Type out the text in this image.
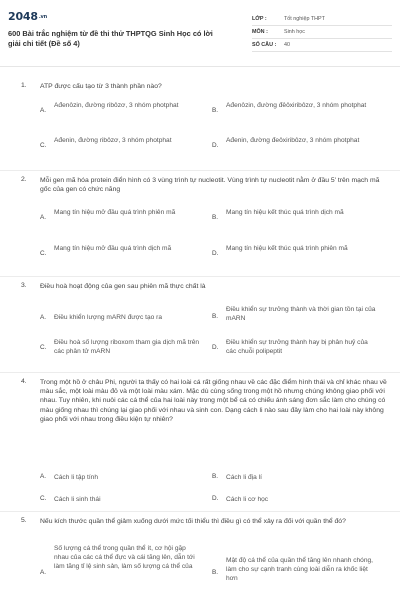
2048.vn
600 Bài trắc nghiệm từ đề thi thử THPTQG Sinh Học có lời giải chi tiết (Đề số 4)
LỚP :	Tốt nghiệp THPT
MÔN :	Sinh học
SỐ CÂU :	40
1. ATP được cấu tạo từ 3 thành phần nào?
A.
Ađenôzin, đường ribôzơ, 3 nhóm photphat
B.
Ađenôzin, đường đêôxiribôzơ, 3 nhóm photphat
C.
Ađenin, đường ribôzơ, 3 nhóm photphat
D.
Ađenin, đường đeôxiribôzơ, 3 nhóm photphat
2. Mỗi gen mã hóa protein điển hình có 3 vùng trình tự nucleotit. Vùng trình tự nucleotit nằm ở đầu 5' trên mạch mã gốc của gen có chức năng
A.
Mang tín hiệu mở đầu quá trình phiên mã
B.
Mang tín hiệu kết thúc quá trình dịch mã
C.
Mang tín hiệu mở đầu quá trình dịch mã
D.
Mang tín hiệu kết thúc quá trình phiên mã
3. Điều hoà hoạt động của gen sau phiên mã thực chất là
A. Điều khiển lượng mARN được tạo ra	B.
Điều khiển sự trưởng thành và thời gian tồn tại của mARN
C.
Điều hoà số lượng riboxom tham gia dịch mã trên các phân tử mARN
D.
Điều khiển sự trưởng thành hay bị phân huỷ của các chuỗi polipeptit
4. Trong một hồ ở châu Phi, người ta thấy có hai loài cá rất giống nhau về các đặc điểm hình thái và chỉ khác nhau về màu sắc, một loài màu đỏ và một loài màu xám. Mặc dù cùng sống trong một hồ nhưng chúng không giao phối với nhau. Tuy nhiên, khi nuôi các cá thể của hai loài này trong một bể cá có chiếu ánh sáng đơn sắc làm cho chúng có màu giống nhau thì chúng lại giao phối với nhau và sinh con. Dạng cách li nào sau đây làm cho hai loài này không giao phối với nhau trong điều kiện tự nhiên?
A. Cách li tập tính	B. Cách li địa lí
C. Cách li sinh thái	D. Cách li cơ học
5. Nếu kích thước quần thể giảm xuống dưới mức tối thiểu thì điều gì có thể xảy ra đối với quần thể đó?
A.
Số lượng cá thể trong quần thể ít, cơ hội gặp nhau của các cá thể đực và cái tăng lên, dẫn tới làm tăng tỉ lệ sinh sản, làm số lượng cá thể của
B.
Mật độ cá thể của quần thể tăng lên nhanh chóng, làm cho sự cạnh tranh cùng loài diễn ra khốc liệt hơn
